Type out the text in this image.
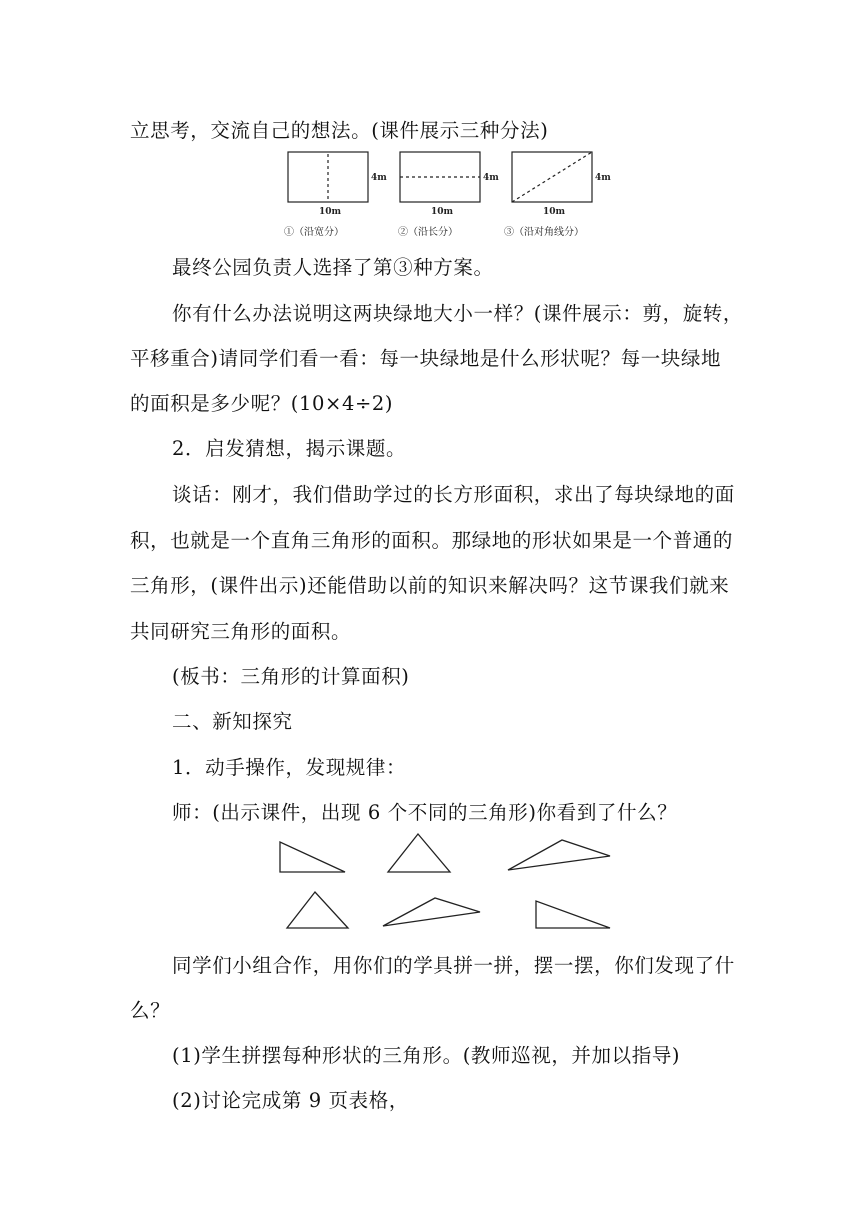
立思考，交流自己的想法。(课件展示三种分法)
4m	4m	4m
10m	10m	10m
①（沿宽分）	②（沿长分）	③（沿对角线分）
最终公园负责人选择了第③种方案。
你有什么办法说明这两块绿地大小一样？(课件展示：剪，旋转，
平移重合)请同学们看一看：每一块绿地是什么形状呢？每一块绿地
的面积是多少呢？(10×4÷2)
2．启发猜想，揭示课题。
谈话：刚才，我们借助学过的长方形面积，求出了每块绿地的面
积，也就是一个直角三角形的面积。那绿地的形状如果是一个普通的
三角形，(课件出示)还能借助以前的知识来解决吗？这节课我们就来
共同研究三角形的面积。
(板书：三角形的计算面积)
二、新知探究
1．动手操作，发现规律：
师：(出示课件，出现 6 个不同的三角形)你看到了什么？
同学们小组合作，用你们的学具拼一拼，摆一摆，你们发现了什
么？
(1)学生拼摆每种形状的三角形。(教师巡视，并加以指导)
(2)讨论完成第 9 页表格，
